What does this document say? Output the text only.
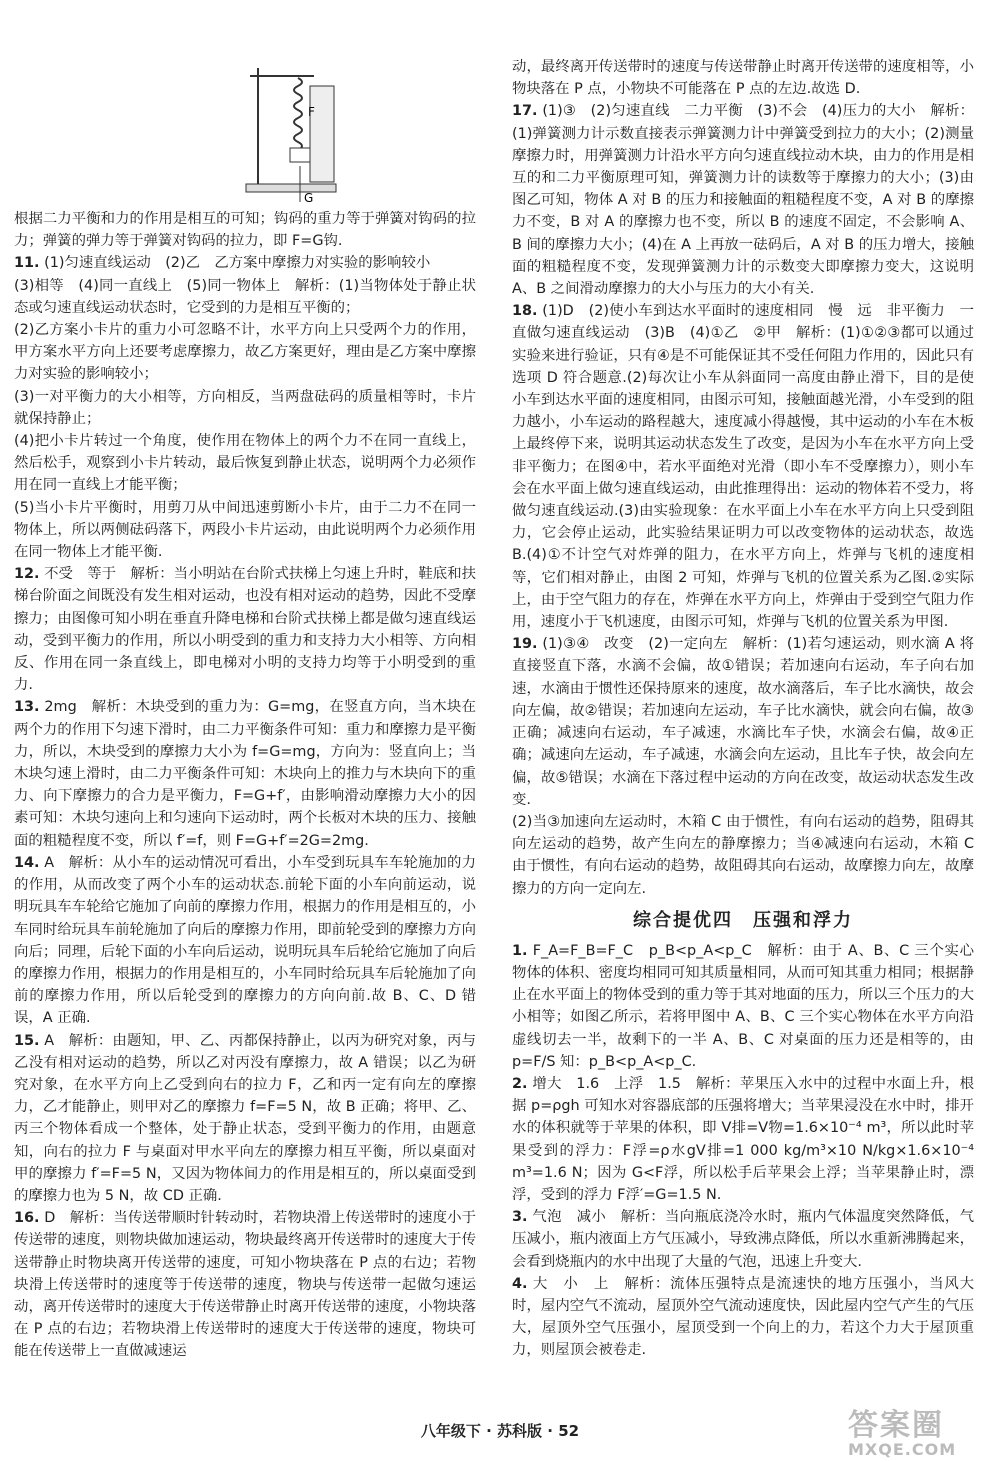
G
F

根据二力平衡和力的作用是相互的可知；钩码的重力等于弹簧对钩码的拉力；弹簧的弹力等于弹簧对钩码的拉力，即 F=G钩.

11. (1)匀速直线运动　(2)乙　乙方案中摩擦力对实验的影响较小

(3)相等　(4)同一直线上　(5)同一物体上　解析：(1)当物体处于静止状态或匀速直线运动状态时，它受到的力是相互平衡的；

(2)乙方案小卡片的重力小可忽略不计，水平方向上只受两个力的作用，甲方案水平方向上还要考虑摩擦力，故乙方案更好，理由是乙方案中摩擦力对实验的影响较小；

(3)一对平衡力的大小相等，方向相反，当两盘砝码的质量相等时，卡片就保持静止；

(4)把小卡片转过一个角度，使作用在物体上的两个力不在同一直线上，然后松手，观察到小卡片转动，最后恢复到静止状态，说明两个力必须作用在同一直线上才能平衡；

(5)当小卡片平衡时，用剪刀从中间迅速剪断小卡片，由于二力不在同一物体上，所以两侧砝码落下，两段小卡片运动，由此说明两个力必须作用在同一物体上才能平衡.

12. 不受　等于　解析：当小明站在台阶式扶梯上匀速上升时，鞋底和扶梯台阶面之间既没有发生相对运动，也没有相对运动的趋势，因此不受摩擦力；由图像可知小明在垂直升降电梯和台阶式扶梯上都是做匀速直线运动，受到平衡力的作用，所以小明受到的重力和支持力大小相等、方向相反、作用在同一条直线上，即电梯对小明的支持力均等于小明受到的重力.

13. 2mg　解析：木块受到的重力为：G=mg，在竖直方向，当木块在两个力的作用下匀速下滑时，由二力平衡条件可知：重力和摩擦力是平衡力，所以，木块受到的摩擦力大小为 f=G=mg，方向为：竖直向上；当木块匀速上滑时，由二力平衡条件可知：木块向上的推力与木块向下的重力、向下摩擦力的合力是平衡力，F=G+f′，由影响滑动摩擦力大小的因素可知：木块匀速向上和匀速向下运动时，两个长板对木块的压力、接触面的粗糙程度不变，所以 f′=f，则 F=G+f′=2G=2mg.

14. A　解析：从小车的运动情况可看出，小车受到玩具车车轮施加的力的作用，从而改变了两个小车的运动状态.前轮下面的小车向前运动，说明玩具车车轮给它施加了向前的摩擦力作用，根据力的作用是相互的，小车同时给玩具车前轮施加了向后的摩擦力作用，即前轮受到的摩擦力方向向后；同理，后轮下面的小车向后运动，说明玩具车后轮给它施加了向后的摩擦力作用，根据力的作用是相互的，小车同时给玩具车后轮施加了向前的摩擦力作用，所以后轮受到的摩擦力的方向向前.故 B、C、D 错误，A 正确.

15. A　解析：由题知，甲、乙、丙都保持静止，以丙为研究对象，丙与乙没有相对运动的趋势，所以乙对丙没有摩擦力，故 A 错误；以乙为研究对象，在水平方向上乙受到向右的拉力 F，乙和丙一定有向左的摩擦力，乙才能静止，则甲对乙的摩擦力 f=F=5 N，故 B 正确；将甲、乙、丙三个物体看成一个整体，处于静止状态，受到平衡力的作用，由题意知，向右的拉力 F 与桌面对甲水平向左的摩擦力相互平衡，所以桌面对甲的摩擦力 f′=F=5 N，又因为物体间力的作用是相互的，所以桌面受到的摩擦力也为 5 N，故 CD 正确.

16. D　解析：当传送带顺时针转动时，若物块滑上传送带时的速度小于传送带的速度，则物块做加速运动，物块最终离开传送带时的速度大于传送带静止时物块离开传送带的速度，可知小物块落在 P 点的右边；若物块滑上传送带时的速度等于传送带的速度，物块与传送带一起做匀速运动，离开传送带时的速度大于传送带静止时离开传送带的速度，小物块落在 P 点的右边；若物块滑上传送带时的速度大于传送带的速度，物块可能在传送带上一直做减速运

动，最终离开传送带时的速度与传送带静止时离开传送带的速度相等，小物块落在 P 点，小物块不可能落在 P 点的左边.故选 D.

17. (1)③　(2)匀速直线　二力平衡　(3)不会　(4)压力的大小　解析：(1)弹簧测力计示数直接表示弹簧测力计中弹簧受到拉力的大小；(2)测量摩擦力时，用弹簧测力计沿水平方向匀速直线拉动木块，由力的作用是相互的和二力平衡原理可知，弹簧测力计的读数等于摩擦力的大小；(3)由图乙可知，物体 A 对 B 的压力和接触面的粗糙程度不变，A 对 B 的摩擦力不变，B 对 A 的摩擦力也不变，所以 B 的速度不固定，不会影响 A、B 间的摩擦力大小；(4)在 A 上再放一砝码后，A 对 B 的压力增大，接触面的粗糙程度不变，发现弹簧测力计的示数变大即摩擦力变大，这说明 A、B 之间滑动摩擦力的大小与压力的大小有关.

18. (1)D　(2)使小车到达水平面时的速度相同　慢　远　非平衡力　一直做匀速直线运动　(3)B　(4)①乙　②甲　解析：(1)①②③都可以通过实验来进行验证，只有④是不可能保证其不受任何阻力作用的，因此只有选项 D 符合题意.(2)每次让小车从斜面同一高度由静止滑下，目的是使小车到达水平面的速度相同，由图示可知，接触面越光滑，小车受到的阻力越小，小车运动的路程越大，速度减小得越慢，其中运动的小车在木板上最终停下来，说明其运动状态发生了改变，是因为小车在水平方向上受非平衡力；在图④中，若水平面绝对光滑（即小车不受摩擦力），则小车会在水平面上做匀速直线运动，由此推理得出：运动的物体若不受力，将做匀速直线运动.(3)由实验现象：在水平面上小车在水平方向上只受到阻力，它会停止运动，此实验结果证明力可以改变物体的运动状态，故选 B.(4)①不计空气对炸弹的阻力，在水平方向上，炸弹与飞机的速度相等，它们相对静止，由图 2 可知，炸弹与飞机的位置关系为乙图.②实际上，由于空气阻力的存在，炸弹在水平方向上，炸弹由于受到空气阻力作用，速度小于飞机速度，由图示可知，炸弹与飞机的位置关系为甲图.

19. (1)③④　改变　(2)一定向左　解析：(1)若匀速运动，则水滴 A 将直接竖直下落，水滴不会偏，故①错误；若加速向右运动，车子向右加速，水滴由于惯性还保持原来的速度，故水滴落后，车子比水滴快，故会向左偏，故②错误；若加速向左运动，车子比水滴快，就会向右偏，故③正确；减速向右运动，车子减速，水滴比车子快，水滴会右偏，故④正确；减速向左运动，车子减速，水滴会向左运动，且比车子快，故会向左偏，故⑤错误；水滴在下落过程中运动的方向在改变，故运动状态发生改变.

(2)当③加速向左运动时，木箱 C 由于惯性，有向右运动的趋势，阻碍其向左运动的趋势，故产生向左的静摩擦力；当④减速向右运动，木箱 C 由于惯性，有向右运动的趋势，故阻碍其向右运动，故摩擦力向左，故摩擦力的方向一定向左.

综合提优四　压强和浮力

1. F_A=F_B=F_C　p_B<p_A<p_C　解析：由于 A、B、C 三个实心物体的体积、密度均相同可知其质量相同，从而可知其重力相同；根据静止在水平面上的物体受到的重力等于其对地面的压力，所以三个压力的大小相等；如图乙所示，若将甲图中 A、B、C 三个实心物体在水平方向沿虚线切去一半，故剩下的一半 A、B、C 对桌面的压力还是相等的，由 p=F/S 知：p_B<p_A<p_C.

2. 增大　1.6　上浮　1.5　解析：苹果压入水中的过程中水面上升，根据 p=ρgh 可知水对容器底部的压强将增大；当苹果浸没在水中时，排开水的体积就等于苹果的体积，即 V排=V物=1.6×10⁻⁴ m³，所以此时苹果受到的浮力：F浮=ρ水gV排=1 000 kg/m³×10 N/kg×1.6×10⁻⁴ m³=1.6 N；因为 G<F浮，所以松手后苹果会上浮；当苹果静止时，漂浮，受到的浮力 F浮′=G=1.5 N.

3. 气泡　减小　解析：当向瓶底浇冷水时，瓶内气体温度突然降低，气压减小，瓶内液面上方气压减小，导致沸点降低，所以水重新沸腾起来，会看到烧瓶内的水中出现了大量的气泡，迅速上升变大.

4. 大　小　上　解析：流体压强特点是流速快的地方压强小，当风大时，屋内空气不流动，屋顶外空气流动速度快，因此屋内空气产生的气压大，屋顶外空气压强小，屋顶受到一个向上的力，若这个力大于屋顶重力，则屋顶会被卷走.

八年级下 · 苏科版 · 52	答案圈
MXQE.COM
